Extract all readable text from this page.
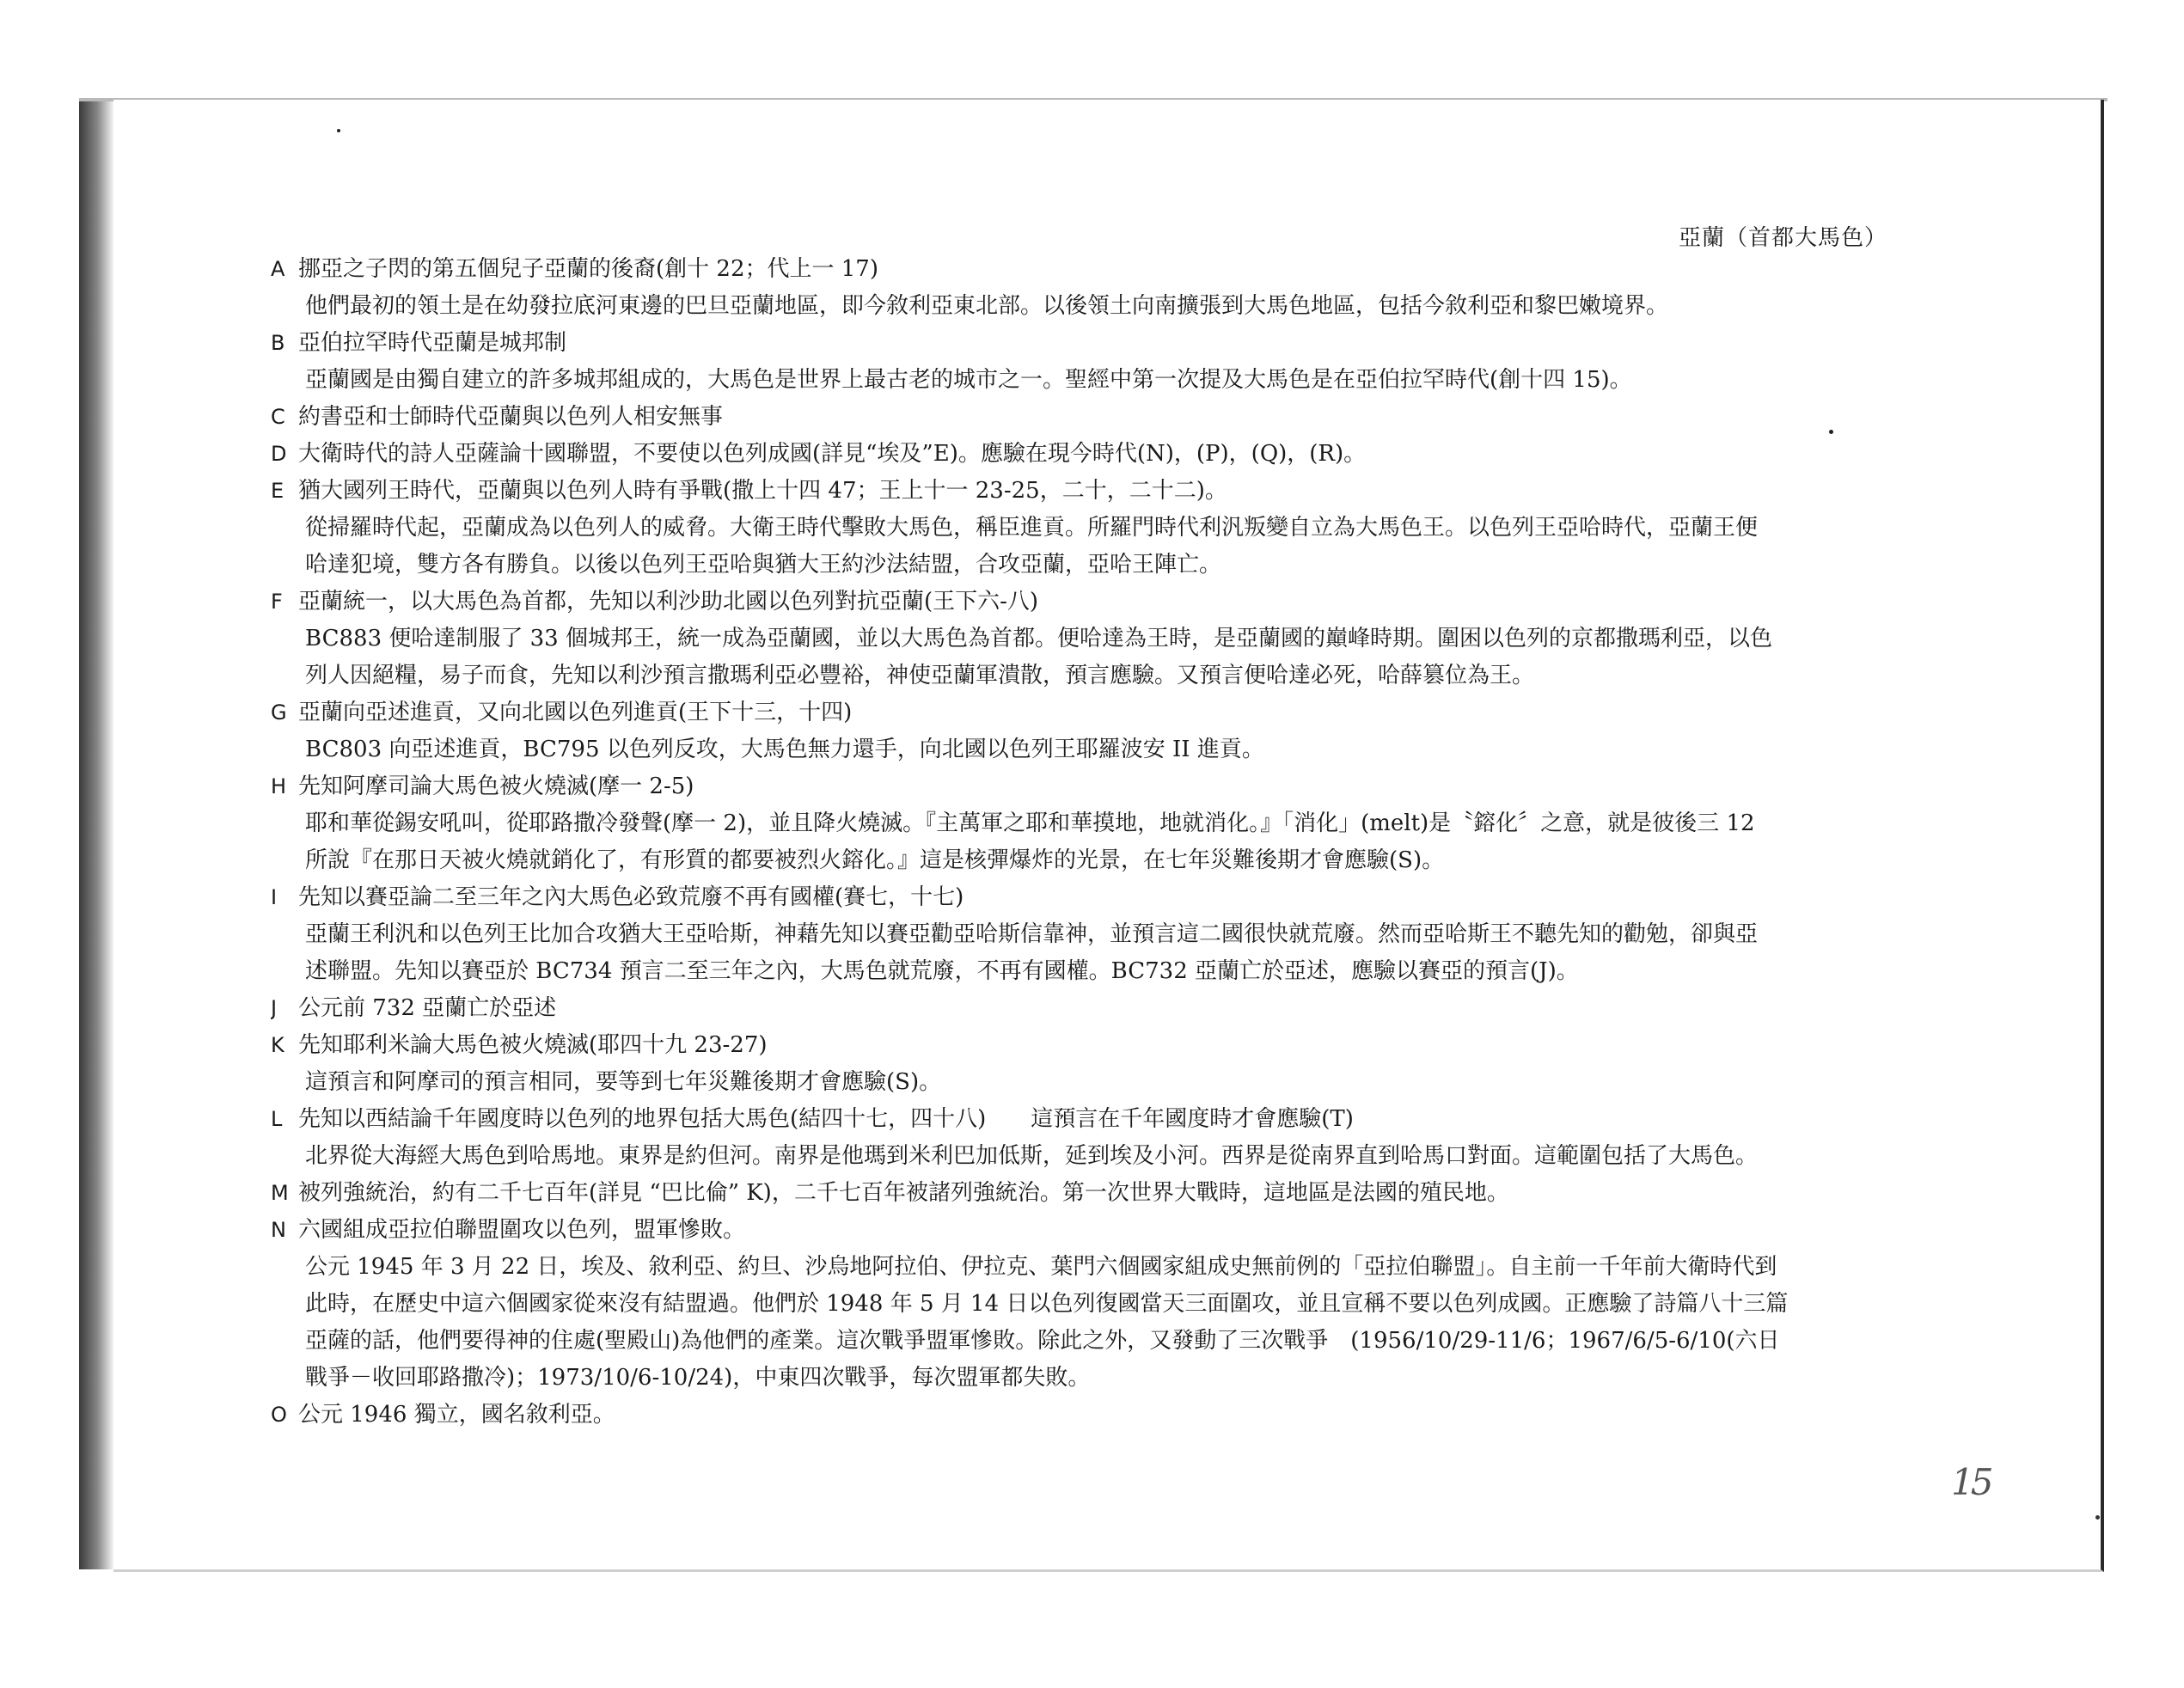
亞蘭（首都大馬色）
A 挪亞之子閃的第五個兒子亞蘭的後裔(創十 22；代上一 17)
他們最初的領土是在幼發拉底河東邊的巴旦亞蘭地區，即今敘利亞東北部。以後領土向南擴張到大馬色地區，包括今敘利亞和黎巴嫩境界。
B 亞伯拉罕時代亞蘭是城邦制
亞蘭國是由獨自建立的許多城邦組成的，大馬色是世界上最古老的城市之一。聖經中第一次提及大馬色是在亞伯拉罕時代(創十四 15)。
C 約書亞和士師時代亞蘭與以色列人相安無事
D 大衛時代的詩人亞薩論十國聯盟，不要使以色列成國(詳見“埃及”E)。應驗在現今時代(N)，(P)，(Q)，(R)。
E 猶大國列王時代，亞蘭與以色列人時有爭戰(撒上十四 47；王上十一 23-25，二十，二十二)。
從掃羅時代起，亞蘭成為以色列人的威脅。大衛王時代擊敗大馬色，稱臣進貢。所羅門時代利汎叛變自立為大馬色王。以色列王亞哈時代，亞蘭王便
哈達犯境，雙方各有勝負。以後以色列王亞哈與猶大王約沙法結盟，合攻亞蘭，亞哈王陣亡。
F 亞蘭統一，以大馬色為首都，先知以利沙助北國以色列對抗亞蘭(王下六-八)
BC883 便哈達制服了 33 個城邦王，統一成為亞蘭國，並以大馬色為首都。便哈達為王時，是亞蘭國的巔峰時期。圍困以色列的京都撒瑪利亞，以色
列人因絕糧，易子而食，先知以利沙預言撒瑪利亞必豐裕，神使亞蘭軍潰散，預言應驗。又預言便哈達必死，哈薛篡位為王。
G 亞蘭向亞述進貢，又向北國以色列進貢(王下十三，十四)
BC803 向亞述進貢，BC795 以色列反攻，大馬色無力還手，向北國以色列王耶羅波安 II 進貢。
H 先知阿摩司論大馬色被火燒滅(摩一 2-5)
耶和華從錫安吼叫，從耶路撒冷發聲(摩一 2)，並且降火燒滅。『主萬軍之耶和華摸地，地就消化。』「消化」(melt)是〝鎔化〞之意，就是彼後三 12
所說『在那日天被火燒就銷化了，有形質的都要被烈火鎔化。』這是核彈爆炸的光景，在七年災難後期才會應驗(S)。
I 先知以賽亞論二至三年之內大馬色必致荒廢不再有國權(賽七，十七)
亞蘭王利汎和以色列王比加合攻猶大王亞哈斯，神藉先知以賽亞勸亞哈斯信靠神，並預言這二國很快就荒廢。然而亞哈斯王不聽先知的勸勉，卻與亞
述聯盟。先知以賽亞於 BC734 預言二至三年之內，大馬色就荒廢，不再有國權。BC732 亞蘭亡於亞述，應驗以賽亞的預言(J)。
J 公元前 732 亞蘭亡於亞述
K 先知耶利米論大馬色被火燒滅(耶四十九 23-27)
這預言和阿摩司的預言相同，要等到七年災難後期才會應驗(S)。
L 先知以西結論千年國度時以色列的地界包括大馬色(結四十七，四十八)　　這預言在千年國度時才會應驗(T)
北界從大海經大馬色到哈馬地。東界是約但河。南界是他瑪到米利巴加低斯，延到埃及小河。西界是從南界直到哈馬口對面。這範圍包括了大馬色。
M 被列強統治，約有二千七百年(詳見 “巴比倫” K)，二千七百年被諸列強統治。第一次世界大戰時，這地區是法國的殖民地。
N 六國組成亞拉伯聯盟圍攻以色列，盟軍慘敗。
公元 1945 年 3 月 22 日，埃及、敘利亞、約旦、沙烏地阿拉伯、伊拉克、葉門六個國家組成史無前例的「亞拉伯聯盟」。自主前一千年前大衛時代到
此時，在歷史中這六個國家從來沒有結盟過。他們於 1948 年 5 月 14 日以色列復國當天三面圍攻，並且宣稱不要以色列成國。正應驗了詩篇八十三篇
亞薩的話，他們要得神的住處(聖殿山)為他們的產業。這次戰爭盟軍慘敗。除此之外，又發動了三次戰爭　(1956/10/29-11/6；1967/6/5-6/10(六日
戰爭－收回耶路撒冷)；1973/10/6-10/24)，中東四次戰爭，每次盟軍都失敗。
O 公元 1946 獨立，國名敘利亞。
15
